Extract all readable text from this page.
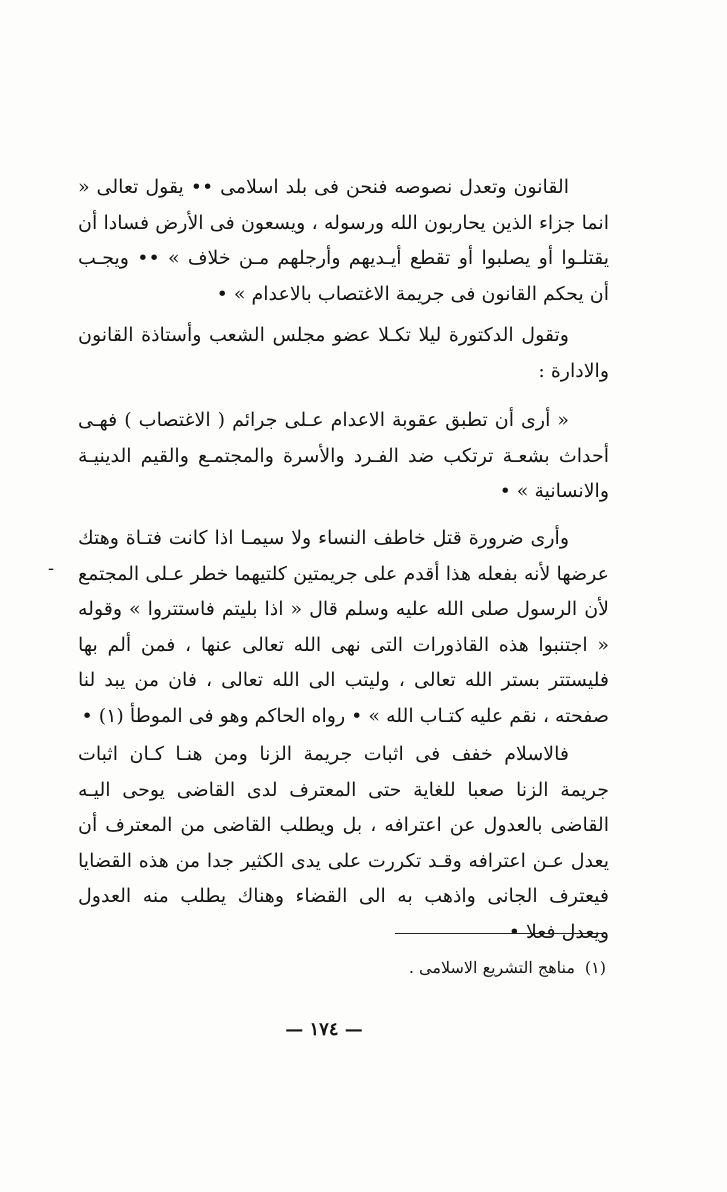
القانون وتعدل نصوصه فنحن فى بلد اسلامى •• يقول تعالى « انما جزاء الذين يحاربون الله ورسوله ، ويسعون فى الأرض فسادا أن يقتلـوا أو يصلبوا أو تقطع أيـديهم وأرجلهم مـن خلاف » •• ويجـب أن يحكم القانون فى جريمة الاغتصاب بالاعدام » •

وتقول الدكتورة ليلا تكـلا عضو مجلس الشعب وأستاذة القانون والادارة :

« أرى أن تطبق عقوبة الاعدام عـلى جرائم ( الاغتصاب ) فهـى أحداث بشعـة ترتكب ضد الفـرد والأسرة والمجتمـع والقيم الدينيـة والانسانية » •

وأرى ضرورة قتل خاطف النساء ولا سيمـا اذا كانت فتـاة وهتك عرضها لأنه بفعله هذا أقدم على جريمتين كلتيهما خطر عـلى المجتمع لأن الرسول صلى الله عليه وسلم قال « اذا بليتم فاستتروا » وقوله « اجتنبوا هذه القاذورات التى نهى الله تعالى عنها ، فمن ألم بها فليستتر بستر الله تعالى ، وليتب الى الله تعالى ، فان من يبد لنا صفحته ، نقم عليه كتـاب الله » • رواه الحاكم وهو فى الموطأ (١) •

فالاسلام خفف فى اثبات جريمة الزنا ومن هنـا كـان اثبات جريمة الزنا صعبا للغاية حتى المعترف لدى القاضى يوحى اليـه القاضى بالعدول عن اعترافه ، بل ويطلب القاضى من المعترف أن يعدل عـن اعترافه وقـد تكررت على يدى الكثير جدا من هذه القضايا فيعترف الجانى واذهب به الى القضاء وهناك يطلب منه العدول ويعدل فعلا •

-
(١)مناهج التشريع الاسلامى .
— ١٧٤ —
